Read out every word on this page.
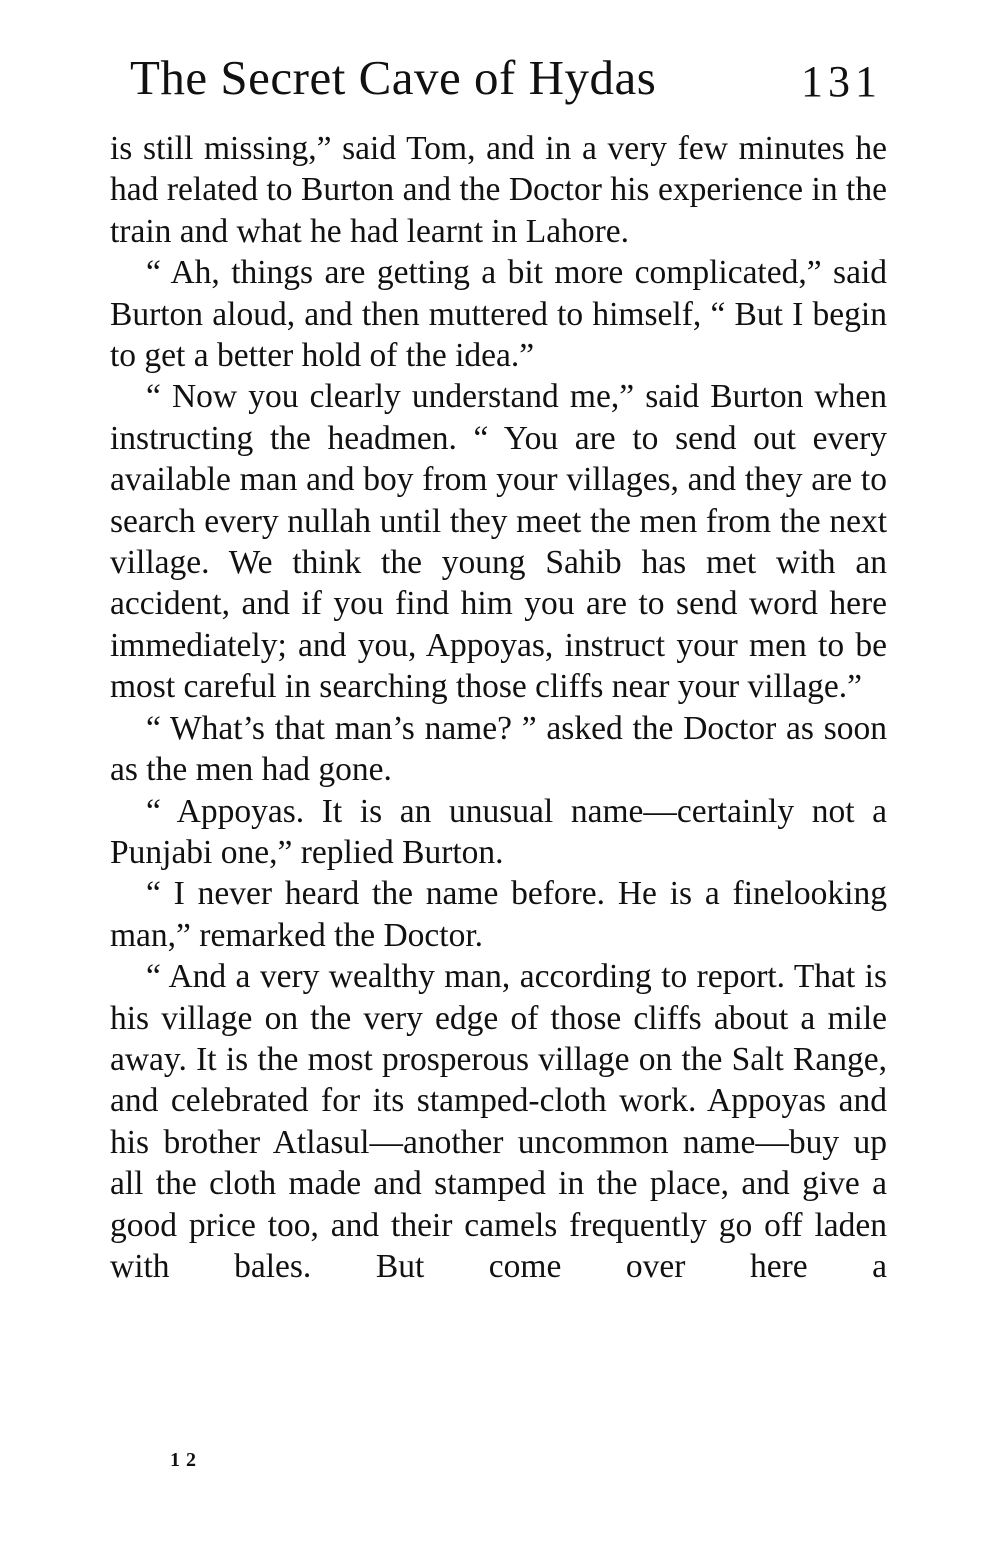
The Secret Cave of Hydas	131

is still missing,” said Tom, and in a very few minutes he had related to Burton and the Doctor his experience in the train and what he had learnt in Lahore.

“ Ah, things are getting a bit more complicated,” said Burton aloud, and then muttered to himself, “ But I begin to get a better hold of the idea.”

“ Now you clearly understand me,” said Burton when instructing the headmen. “ You are to send out every available man and boy from your villages, and they are to search every nullah until they meet the men from the next village. We think the young Sahib has met with an accident, and if you find him you are to send word here immediately; and you, Appoyas, instruct your men to be most careful in searching those cliffs near your village.”

“ What’s that man’s name? ” asked the Doctor as soon as the men had gone.

“ Appoyas. It is an unusual name—certainly not a Punjabi one,” replied Burton.

“ I never heard the name before. He is a finelooking man,” remarked the Doctor.

“ And a very wealthy man, according to report. That is his village on the very edge of those cliffs about a mile away. It is the most prosperous village on the Salt Range, and celebrated for its stamped-cloth work. Appoyas and his brother Atlasul—another uncommon name—buy up all the cloth made and stamped in the place, and give a good price too, and their camels frequently go off laden with bales. But come over here a

12
